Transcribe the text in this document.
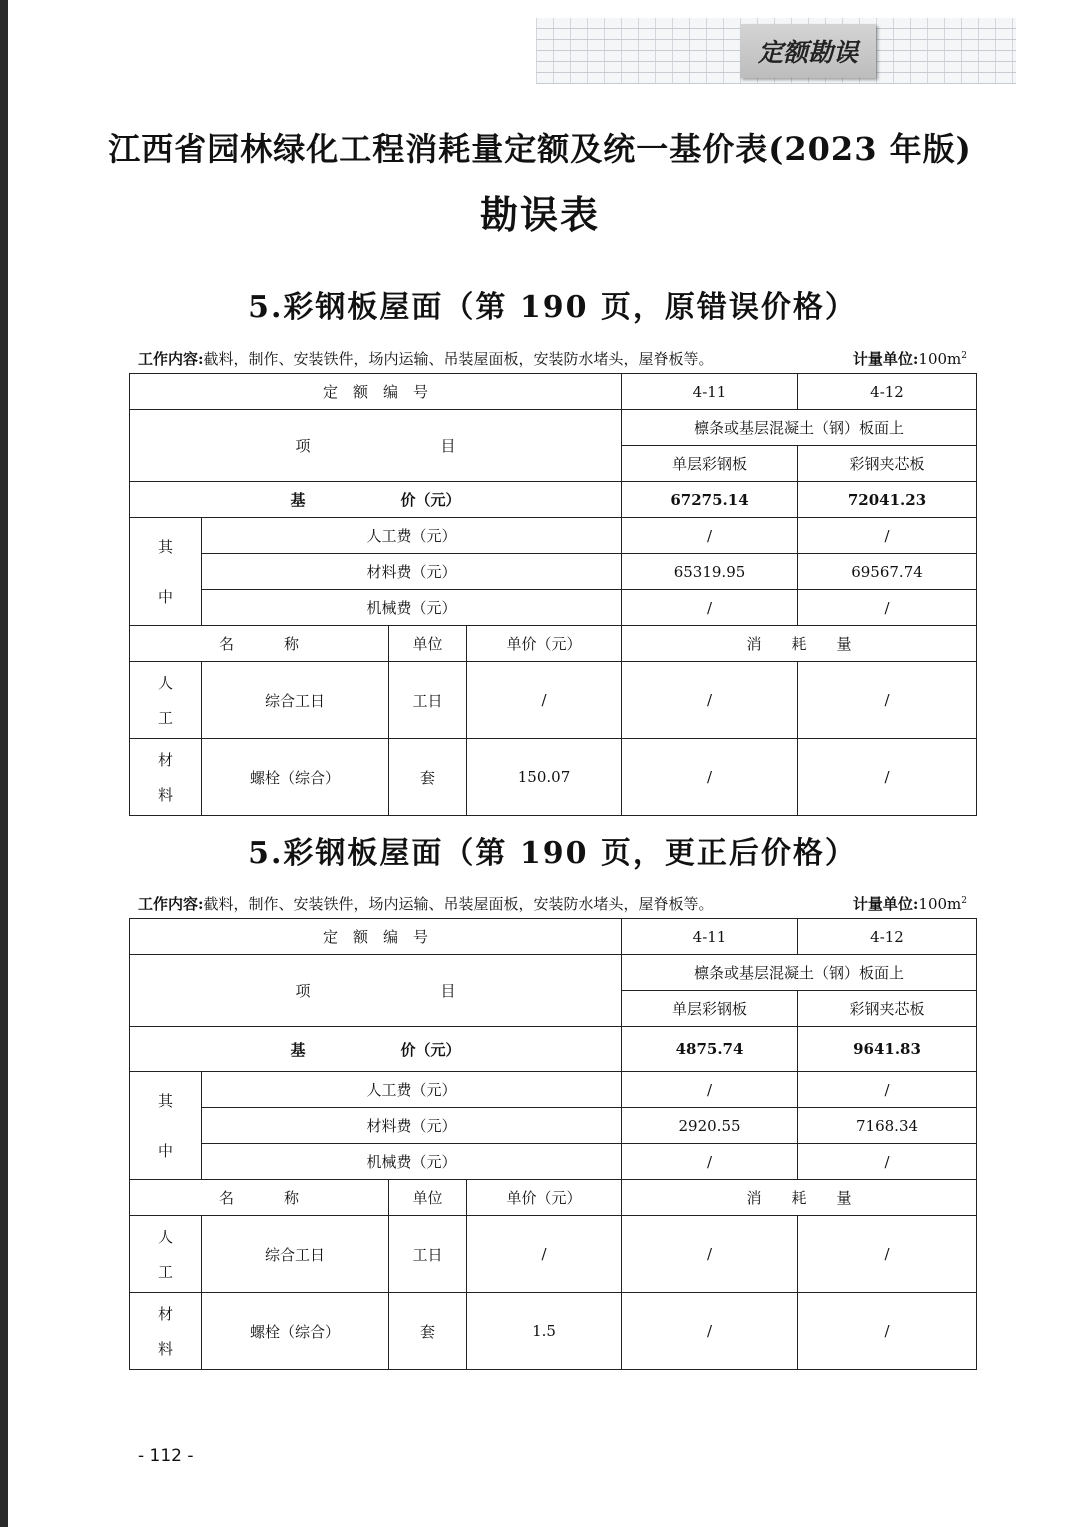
定额勘误
江西省园林绿化工程消耗量定额及统一基价表(2023 年版)
勘误表
5.彩钢板屋面（第 190 页，原错误价格）
工作内容:截料，制作、安装铁件，场内运输、吊装屋面板，安装防水堵头，屋脊板等。	计量单位$:100m^2$
定　额　编　号				4-11	4-12
项 目				檩条或基层混凝土（钢）板面上	
				单层彩钢板	彩钢夹芯板
基 价（元）				67275.14	72041.23

其
中	人工费（元）			/	/
	材料费（元）			65319.95	69567.74
	机械费（元）			/	/
名 称		单位	单价（元）	消　　耗　　量	

人
工	综合工日	工日	/	/	/

材
料	螺栓（综合）	套	150.07	/	/
5.彩钢板屋面（第 190 页，更正后价格）
工作内容:截料，制作、安装铁件，场内运输、吊装屋面板，安装防水堵头，屋脊板等。	计量单位$:100m^2$
定　额　编　号				4-11	4-12
项 目				檩条或基层混凝土（钢）板面上	
				单层彩钢板	彩钢夹芯板
基 价（元）				4875.74	9641.83

其
中	人工费（元）			/	/
	材料费（元）			2920.55	7168.34
	机械费（元）			/	/
名 称		单位	单价（元）	消　　耗　　量	

人
工	综合工日	工日	/	/	/

材
料	螺栓（综合）	套	1.5	/	/
- 112 -
